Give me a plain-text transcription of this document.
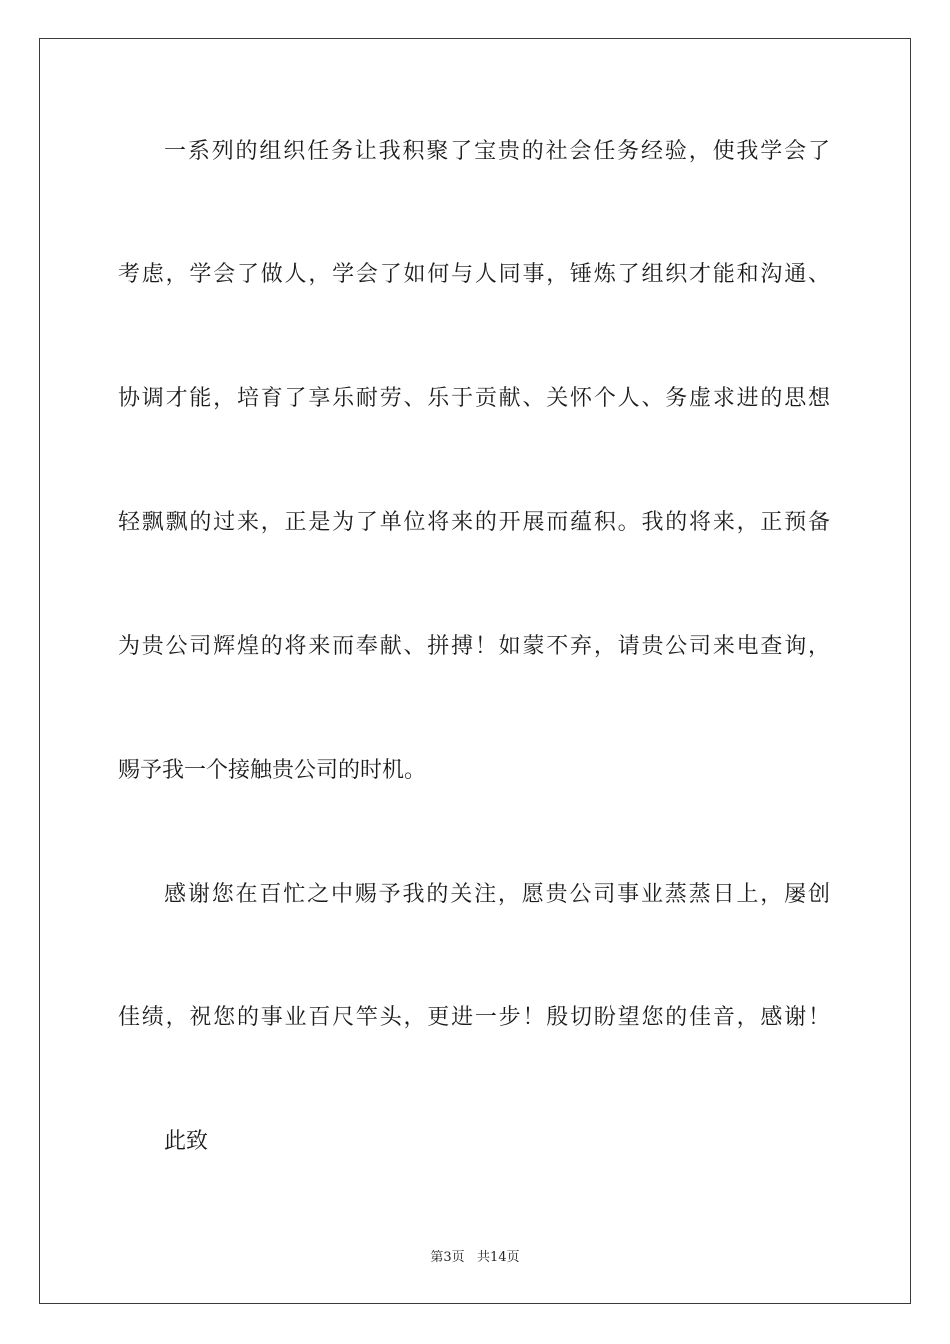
一系列的组织任务让我积聚了宝贵的社会任务经验，使我学会了
考虑，学会了做人，学会了如何与人同事，锤炼了组织才能和沟通、
协调才能，培育了享乐耐劳、乐于贡献、关怀个人、务虚求进的思想
轻飘飘的过来，正是为了单位将来的开展而蕴积。我的将来，正预备
为贵公司辉煌的将来而奉献、拼搏！如蒙不弃，请贵公司来电查询，
赐予我一个接触贵公司的时机。
感谢您在百忙之中赐予我的关注，愿贵公司事业蒸蒸日上，屡创
佳绩，祝您的事业百尺竿头，更进一步！殷切盼望您的佳音，感谢！
此致
第3页   共14页
